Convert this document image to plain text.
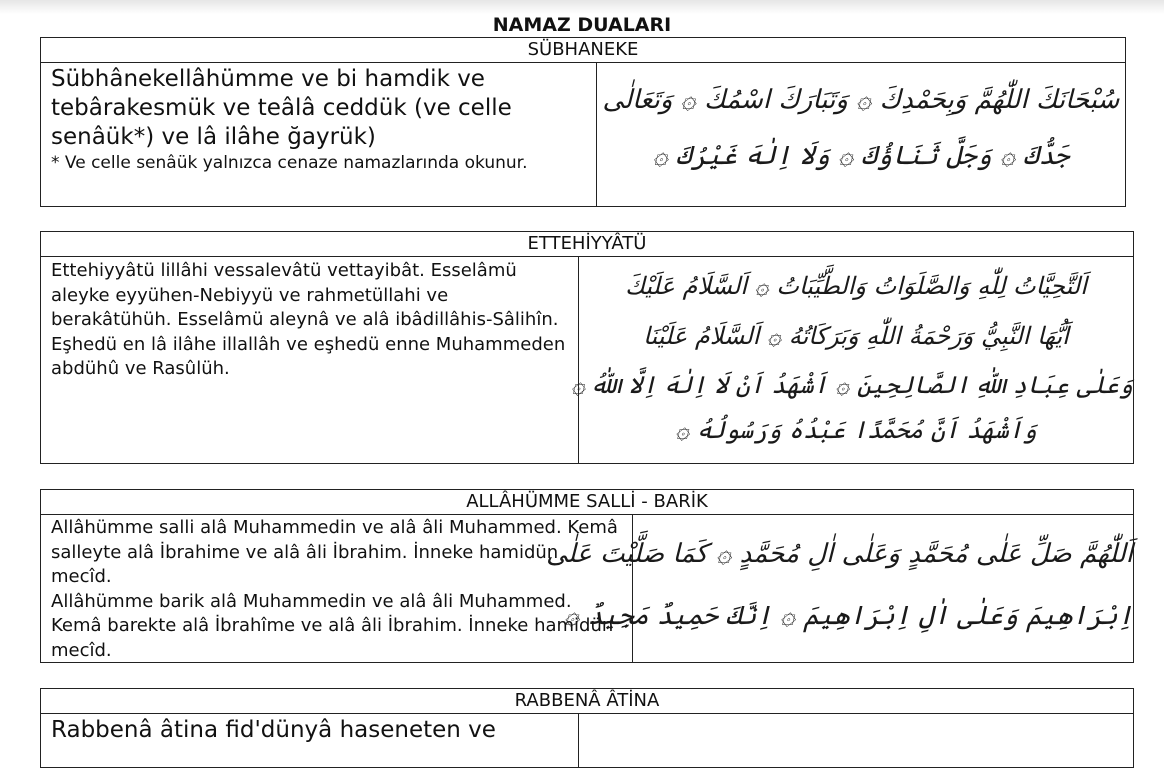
NAMAZ DUALARI
SÜBHANEKE
Sübhânekellâhümme ve bi hamdik ve tebârakesmük ve teâlâ ceddük (ve celle senâük*) ve lâ ilâhe ğayrük)
* Ve celle senâük yalnızca cenaze namazlarında okunur.
سُبْحَانَكَ اللّٰهُمَّ وَبِحَمْدِكَ ۞ وَتَبَارَكَ اسْمُكَ ۞ وَتَعَالٰى
جَدُّكَ ۞ وَجَلَّ ثَنَاؤُكَ ۞ وَلَا اِلٰهَ غَيْرُكَ ۞
ETTEHİYYÂTÜ
Ettehiyyâtü lillâhi vessalevâtü vettayibât. Esselâmü aleyke eyyühen-Nebiyyü ve rahmetüllahi ve berakâtühüh. Esselâmü aleynâ ve alâ ibâdillâhis-Sâlihîn. Eşhedü en lâ ilâhe illallâh ve eşhedü enne Muhammeden abdühû ve Rasûlüh.
اَلتَّحِيَّاتُ لِلّٰهِ وَالصَّلَوَاتُ وَالطَّيِّبَاتُ ۞ اَلسَّلَامُ عَلَيْكَ
اَيُّهَا النَّبِيُّ وَرَحْمَةُ اللّٰهِ وَبَرَكَاتُهُ ۞ اَلسَّلَامُ عَلَيْنَا
وَعَلٰى عِبَادِ اللّٰهِ الصَّالِحِينَ ۞ اَشْهَدُ اَنْ لَا اِلٰهَ اِلَّا اللّٰهُ ۞
وَاَشْهَدُ اَنَّ مُحَمَّدًا عَبْدُهُ وَرَسُولُهُ ۞
ALLÂHÜMME SALLİ - BARİK
Allâhümme salli alâ Muhammedin ve alâ âli Muhammed. Kemâ salleyte alâ İbrahime ve alâ âli İbrahim. İnneke hamidün mecîd.
Allâhümme barik alâ Muhammedin ve alâ âli Muhammed. Kemâ barekte alâ İbrahîme ve alâ âli İbrahim. İnneke hamidün mecîd.
اَللّٰهُمَّ صَلِّ عَلٰى مُحَمَّدٍ وَعَلٰى اٰلِ مُحَمَّدٍ ۞ كَمَا صَلَّيْتَ عَلٰى
اِبْرَاهِيمَ وَعَلٰى اٰلِ اِبْرَاهِيمَ ۞ اِنَّكَ حَمِيدٌ مَجِيدٌ ۞
RABBENÂ ÂTİNA
Rabbenâ âtina fid'dünyâ haseneten ve
